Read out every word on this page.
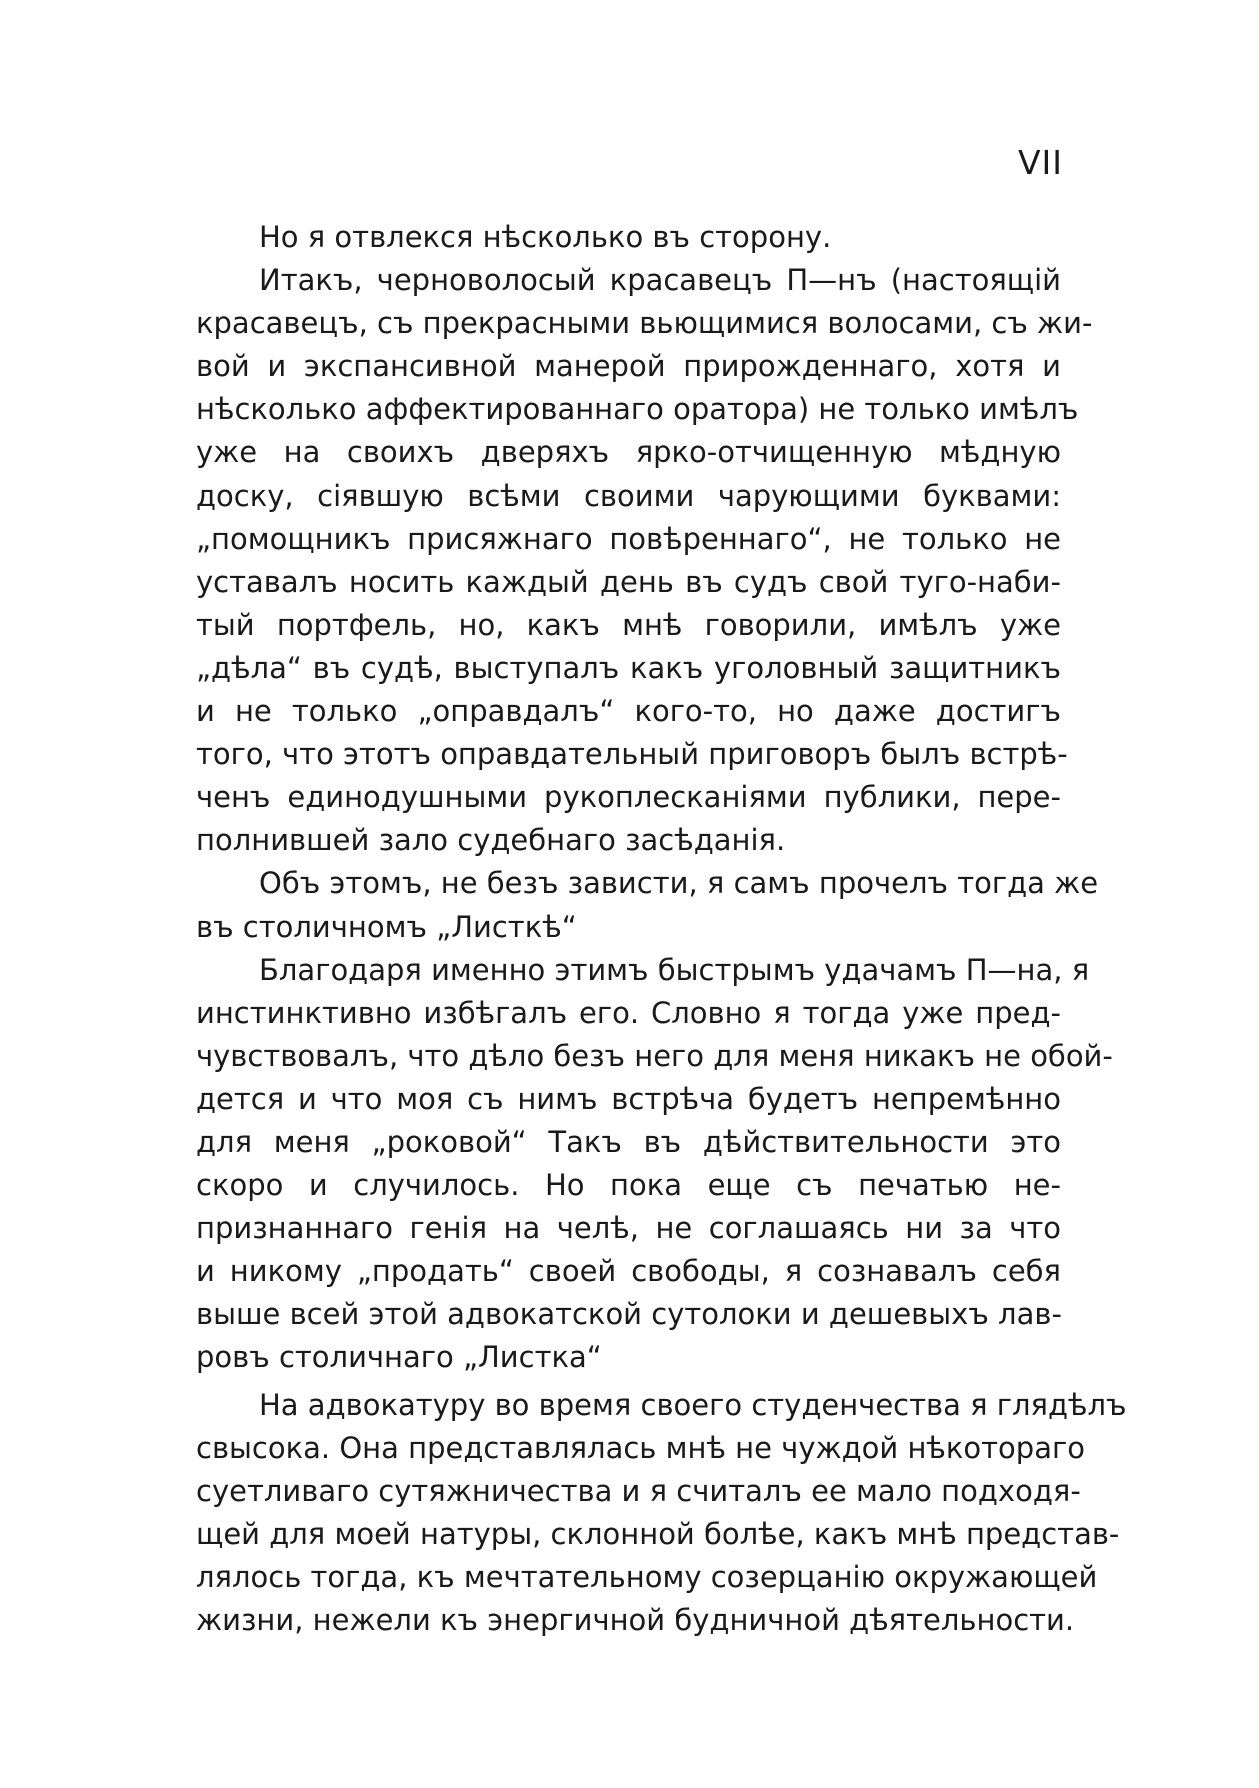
VII
Но я отвлекся нѣсколько въ сторону.
Итакъ, черноволосый красавецъ П—нъ (настоящій
красавецъ, съ прекрасными вьющимися волосами, съ жи-
вой и экспансивной манерой прирожденнаго, хотя и
нѣсколько аффектированнаго оратора) не только имѣлъ
уже на своихъ дверяхъ ярко-отчищенную мѣдную
доску, сіявшую всѣми своими чарующими буквами:
„помощникъ присяжнаго повѣреннаго“, не только не
уставалъ носить каждый день въ судъ свой туго-наби-
тый портфель, но, какъ мнѣ говорили, имѣлъ уже
„дѣла“ въ судѣ, выступалъ какъ уголовный защитникъ
и не только „оправдалъ“ кого-то, но даже достигъ
того, что этотъ оправдательный приговоръ былъ встрѣ-
ченъ единодушными рукоплесканіями публики, пере-
полнившей зало судебнаго засѣданія.
Объ этомъ, не безъ зависти, я самъ прочелъ тогда же
въ столичномъ „Листкѣ“
Благодаря именно этимъ быстрымъ удачамъ П—на, я
инстинктивно избѣгалъ его. Словно я тогда уже пред-
чувствовалъ, что дѣло безъ него для меня никакъ не обой-
дется и что моя съ нимъ встрѣча будетъ непремѣнно
для меня „роковой“ Такъ въ дѣйствительности это
скоро и случилось. Но пока еще съ печатью не-
признаннаго генія на челѣ, не соглашаясь ни за что
и никому „продать“ своей свободы, я сознавалъ себя
выше всей этой адвокатской сутолоки и дешевыхъ лав-
ровъ столичнаго „Листка“
На адвокатуру во время своего студенчества я глядѣлъ
свысока. Она представлялась мнѣ не чуждой нѣкотораго
суетливаго сутяжничества и я считалъ ее мало подходя-
щей для моей натуры, склонной болѣе, какъ мнѣ представ-
лялось тогда, къ мечтательному созерцанію окружающей
жизни, нежели къ энергичной будничной дѣятельности.
